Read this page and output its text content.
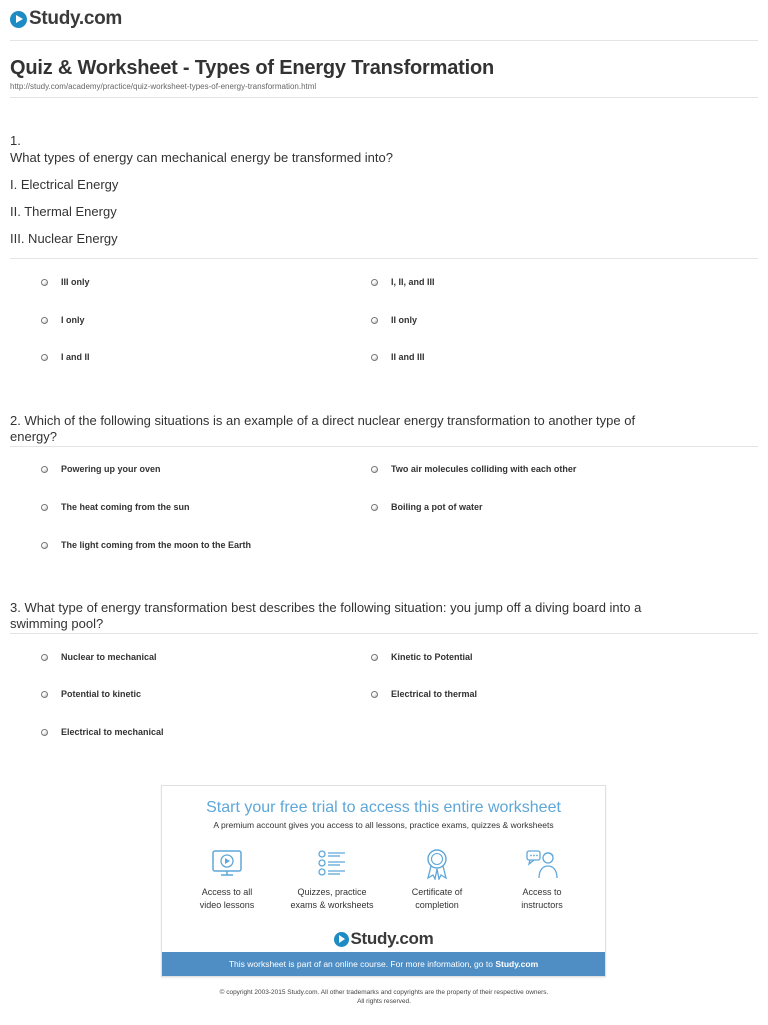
Study.com
Quiz & Worksheet - Types of Energy Transformation
http://study.com/academy/practice/quiz-worksheet-types-of-energy-transformation.html
1.
What types of energy can mechanical energy be transformed into?
I. Electrical Energy
II. Thermal Energy
III. Nuclear Energy
III only	I, II, and III
I only	II only
I and II	II and III
2. Which of the following situations is an example of a direct nuclear energy transformation to another type of energy?
Powering up your oven	Two air molecules colliding with each other
The heat coming from the sun	Boiling a pot of water
The light coming from the moon to the Earth
3. What type of energy transformation best describes the following situation: you jump off a diving board into a swimming pool?
Nuclear to mechanical	Kinetic to Potential
Potential to kinetic	Electrical to thermal
Electrical to mechanical
Start your free trial to access this entire worksheet
A premium account gives you access to all lessons, practice exams, quizzes & worksheets
Access to all
video lessons
Quizzes, practice
exams & worksheets
Certificate of
completion
Access to
instructors
Study.com
This worksheet is part of an online course. For more information, go to Study.com
© copyright 2003-2015 Study.com. All other trademarks and copyrights are the property of their respective owners.
All rights reserved.
